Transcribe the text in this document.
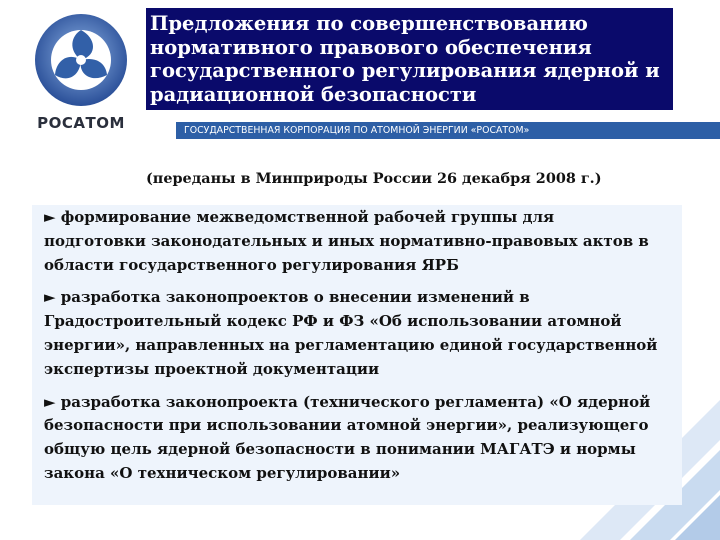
РОСАТОМ
Предложения по совершенствованию
нормативного правового обеспечения
государственного регулирования ядерной и
радиационной безопасности
ГОСУДАРСТВЕННАЯ КОРПОРАЦИЯ ПО АТОМНОЙ ЭНЕРГИИ «РОСАТОМ»
(переданы в Минприроды России 26 декабря 2008 г.)
► формирование межведомственной рабочей группы для
подготовки законодательных и иных нормативно-правовых актов в
области государственного регулирования ЯРБ
► разработка законопроектов о внесении изменений в
Градостроительный кодекс РФ и ФЗ «Об использовании атомной
энергии», направленных на регламентацию единой государственной
экспертизы проектной документации
► разработка законопроекта (технического регламента) «О ядерной
безопасности при использовании атомной энергии», реализующего
общую цель ядерной безопасности в понимании МАГАТЭ и нормы
закона «О техническом регулировании»
